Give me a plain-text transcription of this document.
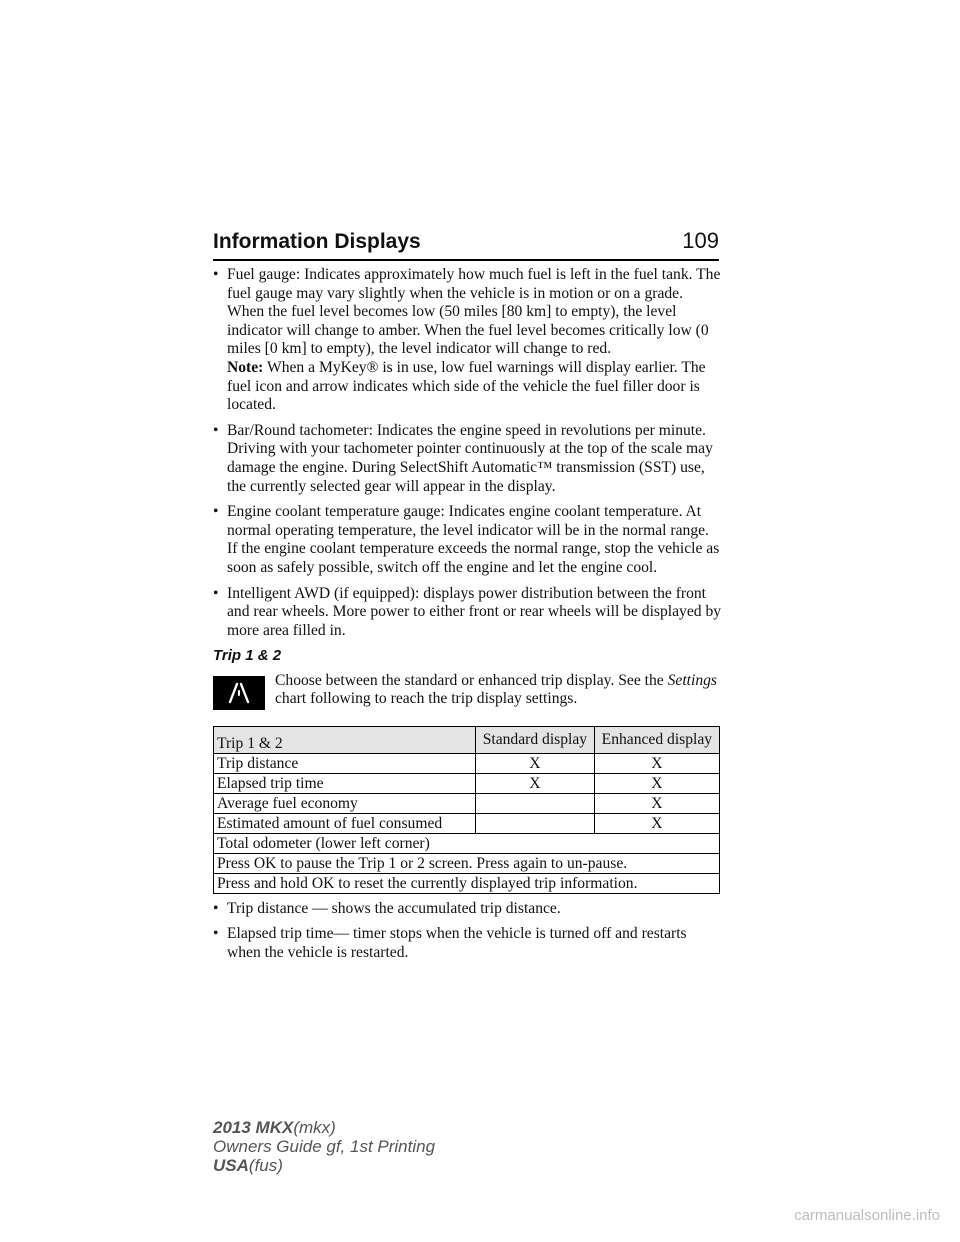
Information Displays	109
• Fuel gauge: Indicates approximately how much fuel is left in the fuel tank. The fuel gauge may vary slightly when the vehicle is in motion or on a grade. When the fuel level becomes low (50 miles [80 km] to empty), the level indicator will change to amber. When the fuel level becomes critically low (0 miles [0 km] to empty), the level indicator will change to red.
Note: When a MyKey® is in use, low fuel warnings will display earlier. The fuel icon and arrow indicates which side of the vehicle the fuel filler door is located.
• Bar/Round tachometer: Indicates the engine speed in revolutions per minute. Driving with your tachometer pointer continuously at the top of the scale may damage the engine. During SelectShift Automatic™ transmission (SST) use, the currently selected gear will appear in the display.
• Engine coolant temperature gauge: Indicates engine coolant temperature. At normal operating temperature, the level indicator will be in the normal range. If the engine coolant temperature exceeds the normal range, stop the vehicle as soon as safely possible, switch off the engine and let the engine cool.
• Intelligent AWD (if equipped): displays power distribution between the front and rear wheels. More power to either front or rear wheels will be displayed by more area filled in.
Trip 1 & 2
Choose between the standard or enhanced trip display. See the Settings chart following to reach the trip display settings.
Trip 1 & 2	Standard display	Enhanced display
Trip distance	X	X
Elapsed trip time	X	X
Average fuel economy		X
Estimated amount of fuel consumed		X
Total odometer (lower left corner)		
Press OK to pause the Trip 1 or 2 screen. Press again to un-pause.		
Press and hold OK to reset the currently displayed trip information.		
• Trip distance — shows the accumulated trip distance.
• Elapsed trip time— timer stops when the vehicle is turned off and restarts when the vehicle is restarted.
2013 MKX(mkx)
Owners Guide gf, 1st Printing
USA(fus)
carmanualsonline.info
